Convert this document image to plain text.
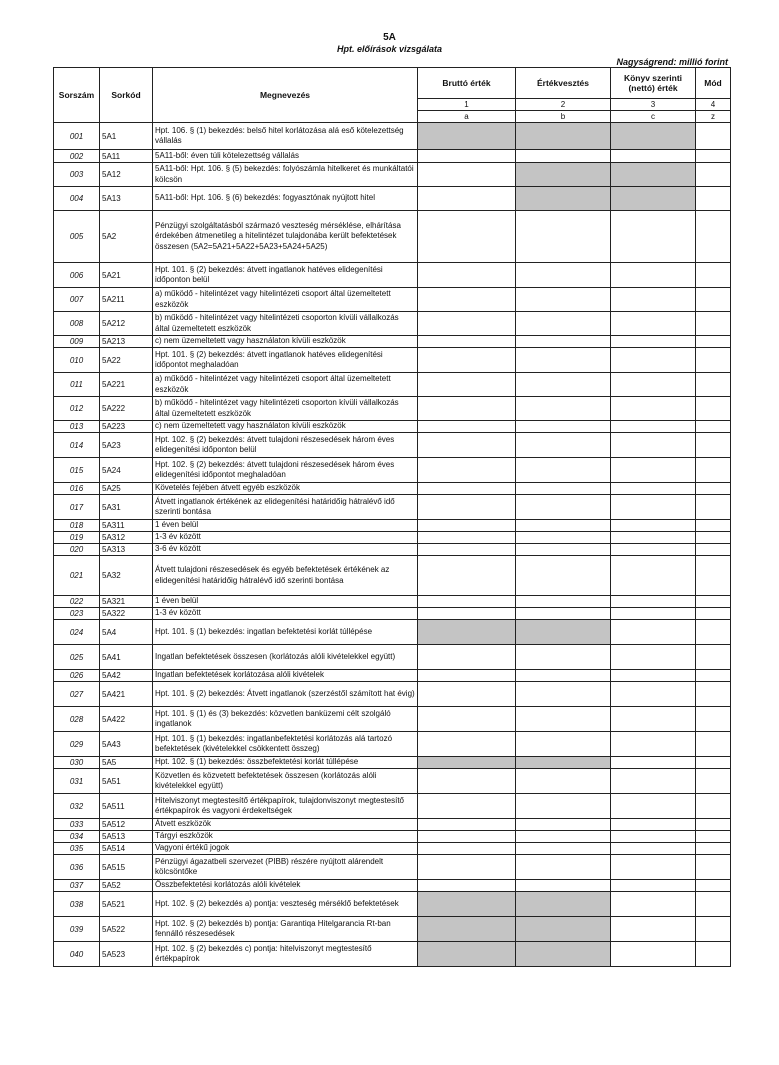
5A
Hpt. előírások vizsgálata
Nagyságrend: millió forint
Sorszám	Sorkód	Megnevezés	Bruttó érték	Értékvesztés	Könyv szerinti (nettó) érték	Mód
			1	2	3	4
			a	b	c	z
001	5A1	Hpt. 106. § (1) bekezdés: belső hitel korlátozása alá eső kötelezettség vállalás				
002	5A11	5A11-ből: éven túli kötelezettség vállalás				
003	5A12	5A11-ből: Hpt. 106. § (5) bekezdés: folyószámla hitelkeret és munkáltatói kölcsön				
004	5A13	5A11-ből: Hpt. 106. § (6) bekezdés: fogyasztónak nyújtott hitel				
005	5A2	Pénzügyi szolgáltatásból származó veszteség mérséklése, elhárítása érdekében átmenetileg a hitelintézet tulajdonába került befektetések összesen (5A2=5A21+5A22+5A23+5A24+5A25)				
006	5A21	Hpt. 101. § (2) bekezdés: átvett ingatlanok hatéves elidegenítési időponton belül				
007	5A211	a) működő - hitelintézet vagy hitelintézeti csoport által üzemeltetett eszközök				
008	5A212	b) működő - hitelintézet vagy hitelintézeti csoporton kívüli vállalkozás által üzemeltetett eszközök				
009	5A213	c) nem üzemeltetett vagy használaton kívüli eszközök				
010	5A22	Hpt. 101. § (2) bekezdés: átvett ingatlanok hatéves elidegenítési időpontot meghaladóan				
011	5A221	a) működő - hitelintézet vagy hitelintézeti csoport által üzemeltetett eszközök				
012	5A222	b) működő - hitelintézet vagy hitelintézeti csoporton kívüli vállalkozás által üzemeltetett eszközök				
013	5A223	c) nem üzemeltetett vagy használaton kívüli eszközök				
014	5A23	Hpt. 102. § (2) bekezdés: átvett tulajdoni részesedések három éves elidegenítési időponton belül				
015	5A24	Hpt. 102. § (2) bekezdés: átvett tulajdoni részesedések három éves elidegenítési időpontot meghaladóan				
016	5A25	Követelés fejében átvett egyéb eszközök				
017	5A31	Átvett ingatlanok értékének az elidegenítési határidőig hátralévő idő szerinti bontása				
018	5A311	1 éven belül				
019	5A312	1-3 év között				
020	5A313	3-6 év között				
021	5A32	Átvett tulajdoni részesedések és egyéb befektetések értékének az elidegenítési határidőig hátralévő idő szerinti bontása				
022	5A321	1 éven belül				
023	5A322	1-3 év között				
024	5A4	Hpt. 101. § (1) bekezdés: ingatlan befektetési korlát túllépése				
025	5A41	Ingatlan befektetések összesen (korlátozás alóli kivételekkel együtt)				
026	5A42	Ingatlan befektetések korlátozása alóli kivételek				
027	5A421	Hpt. 101. § (2) bekezdés: Átvett ingatlanok (szerzéstől számított hat évig)				
028	5A422	Hpt. 101. § (1) és (3) bekezdés: közvetlen banküzemi célt szolgáló ingatlanok				
029	5A43	Hpt. 101. § (1) bekezdés: ingatlanbefektetési korlátozás alá tartozó befektetések (kivételekkel csökkentett összeg)				
030	5A5	Hpt. 102. § (1) bekezdés: összbefektetési korlát túllépése				
031	5A51	Közvetlen és közvetett befektetések összesen (korlátozás alóli kivételekkel együtt)				
032	5A511	Hitelviszonyt megtestesítő értékpapírok, tulajdonviszonyt megtestesítő értékpapírok és vagyoni érdekeltségek				
033	5A512	Átvett eszközök				
034	5A513	Tárgyi eszközök				
035	5A514	Vagyoni értékű jogok				
036	5A515	Pénzügyi ágazatbeli szervezet (PIBB) részére nyújtott alárendelt kölcsöntőke				
037	5A52	Összbefektetési korlátozás alóli kivételek				
038	5A521	Hpt. 102. § (2) bekezdés a) pontja: veszteség mérséklő befektetések				
039	5A522	Hpt. 102. § (2) bekezdés b) pontja: Garantiqa Hitelgarancia Rt-ban fennálló részesedések				
040	5A523	Hpt. 102. § (2) bekezdés c) pontja: hitelviszonyt megtestesítő értékpapírok				
